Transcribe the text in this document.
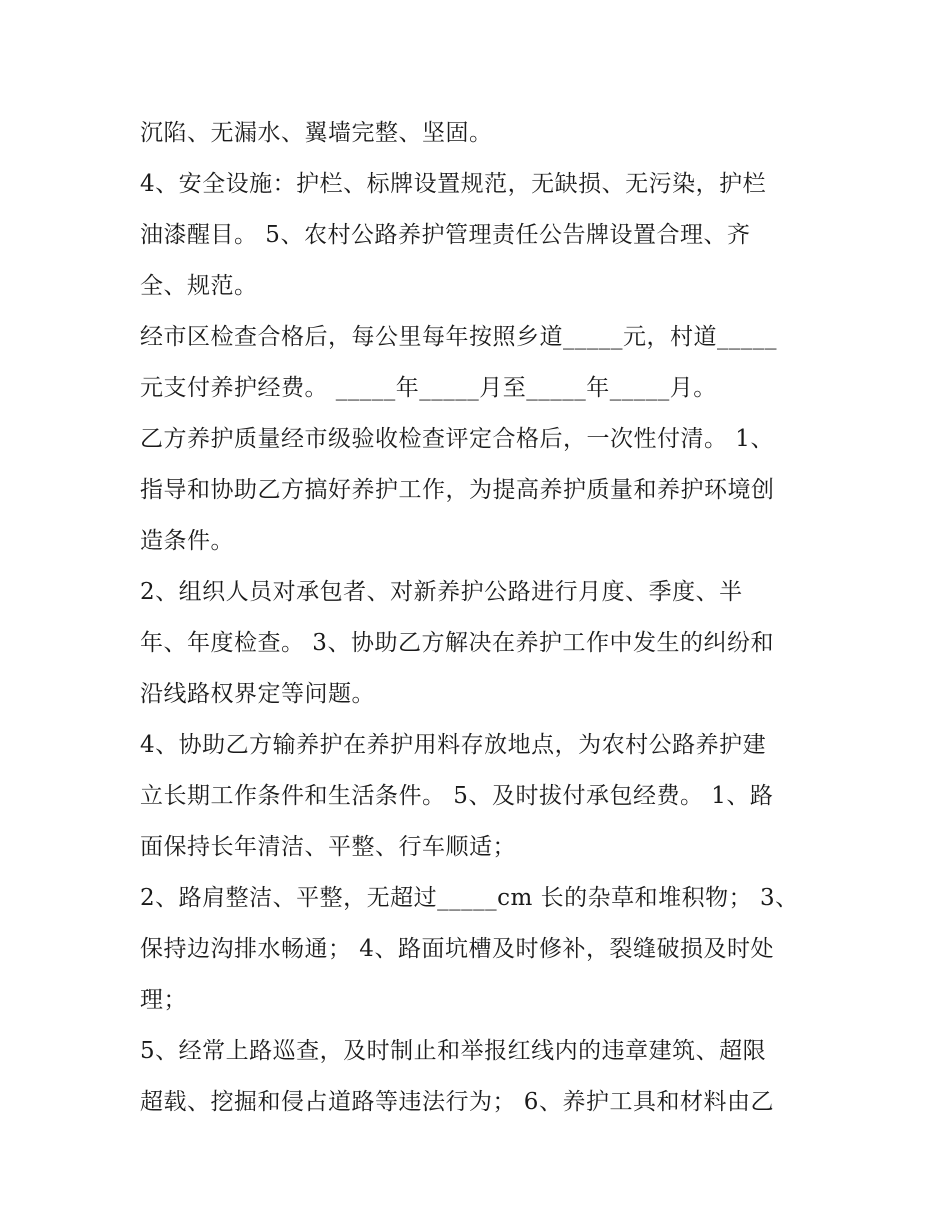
沉陷、无漏水、翼墙完整、坚固。
4、安全设施：护栏、标牌设置规范，无缺损、无污染，护栏
油漆醒目。 5、农村公路养护管理责任公告牌设置合理、齐
全、规范。
经市区检查合格后，每公里每年按照乡道_____元，村道_____
元支付养护经费。 _____年_____月至_____年_____月。
乙方养护质量经市级验收检查评定合格后，一次性付清。 1、
指导和协助乙方搞好养护工作，为提高养护质量和养护环境创
造条件。
2、组织人员对承包者、对新养护公路进行月度、季度、半
年、年度检查。 3、协助乙方解决在养护工作中发生的纠纷和
沿线路权界定等问题。
4、协助乙方输养护在养护用料存放地点，为农村公路养护建
立长期工作条件和生活条件。 5、及时拔付承包经费。 1、路
面保持长年清洁、平整、行车顺适；
2、路肩整洁、平整，无超过_____cm 长的杂草和堆积物； 3、
保持边沟排水畅通； 4、路面坑槽及时修补，裂缝破损及时处
理；
5、经常上路巡查，及时制止和举报红线内的违章建筑、超限
超载、挖掘和侵占道路等违法行为； 6、养护工具和材料由乙
